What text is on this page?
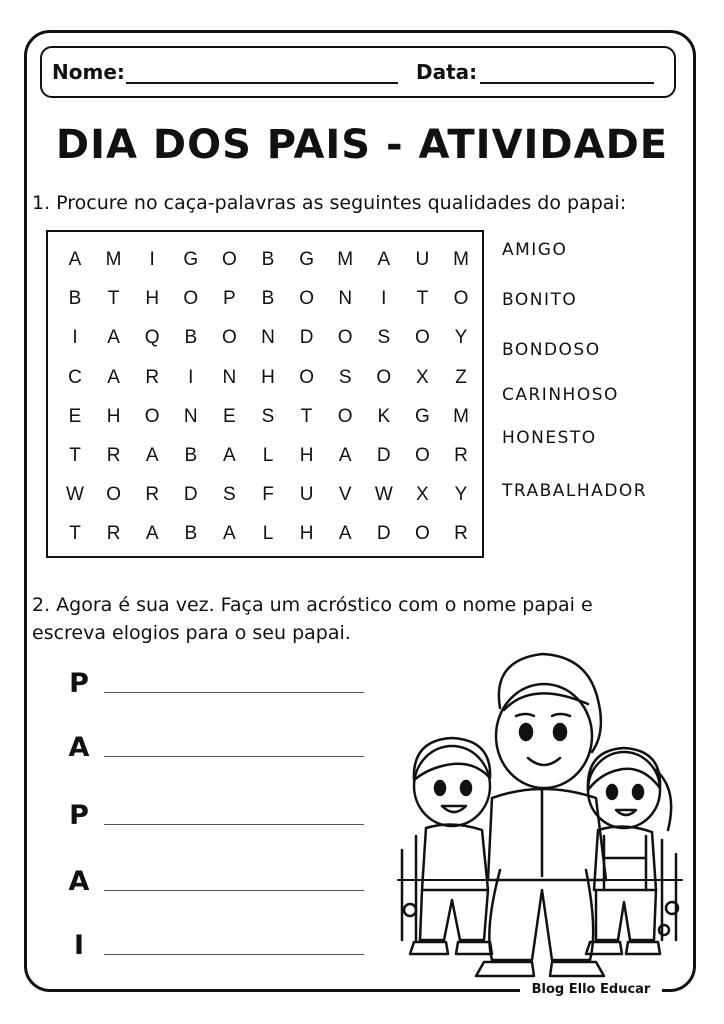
Nome:	Data:
DIA DOS PAIS - ATIVIDADE
1. Procure no caça-palavras as seguintes qualidades do papai:
A	M	I	G	O	B	G	M	A	U	M
B	T	H	O	P	B	O	N	I	T	O
I	A	Q	B	O	N	D	O	S	O	Y
C	A	R	I	N	H	O	S	O	X	Z
E	H	O	N	E	S	T	O	K	G	M
T	R	A	B	A	L	H	A	D	O	R
W	O	R	D	S	F	U	V	W	X	Y
T	R	A	B	A	L	H	A	D	O	R
AMIGO
BONITO
BONDOSO
CARINHOSO
HONESTO
TRABALHADOR
2. Agora é sua vez. Faça um acróstico com o nome papai e
escreva elogios para o seu papai.
P
A
P
A
I
Blog Ello Educar
